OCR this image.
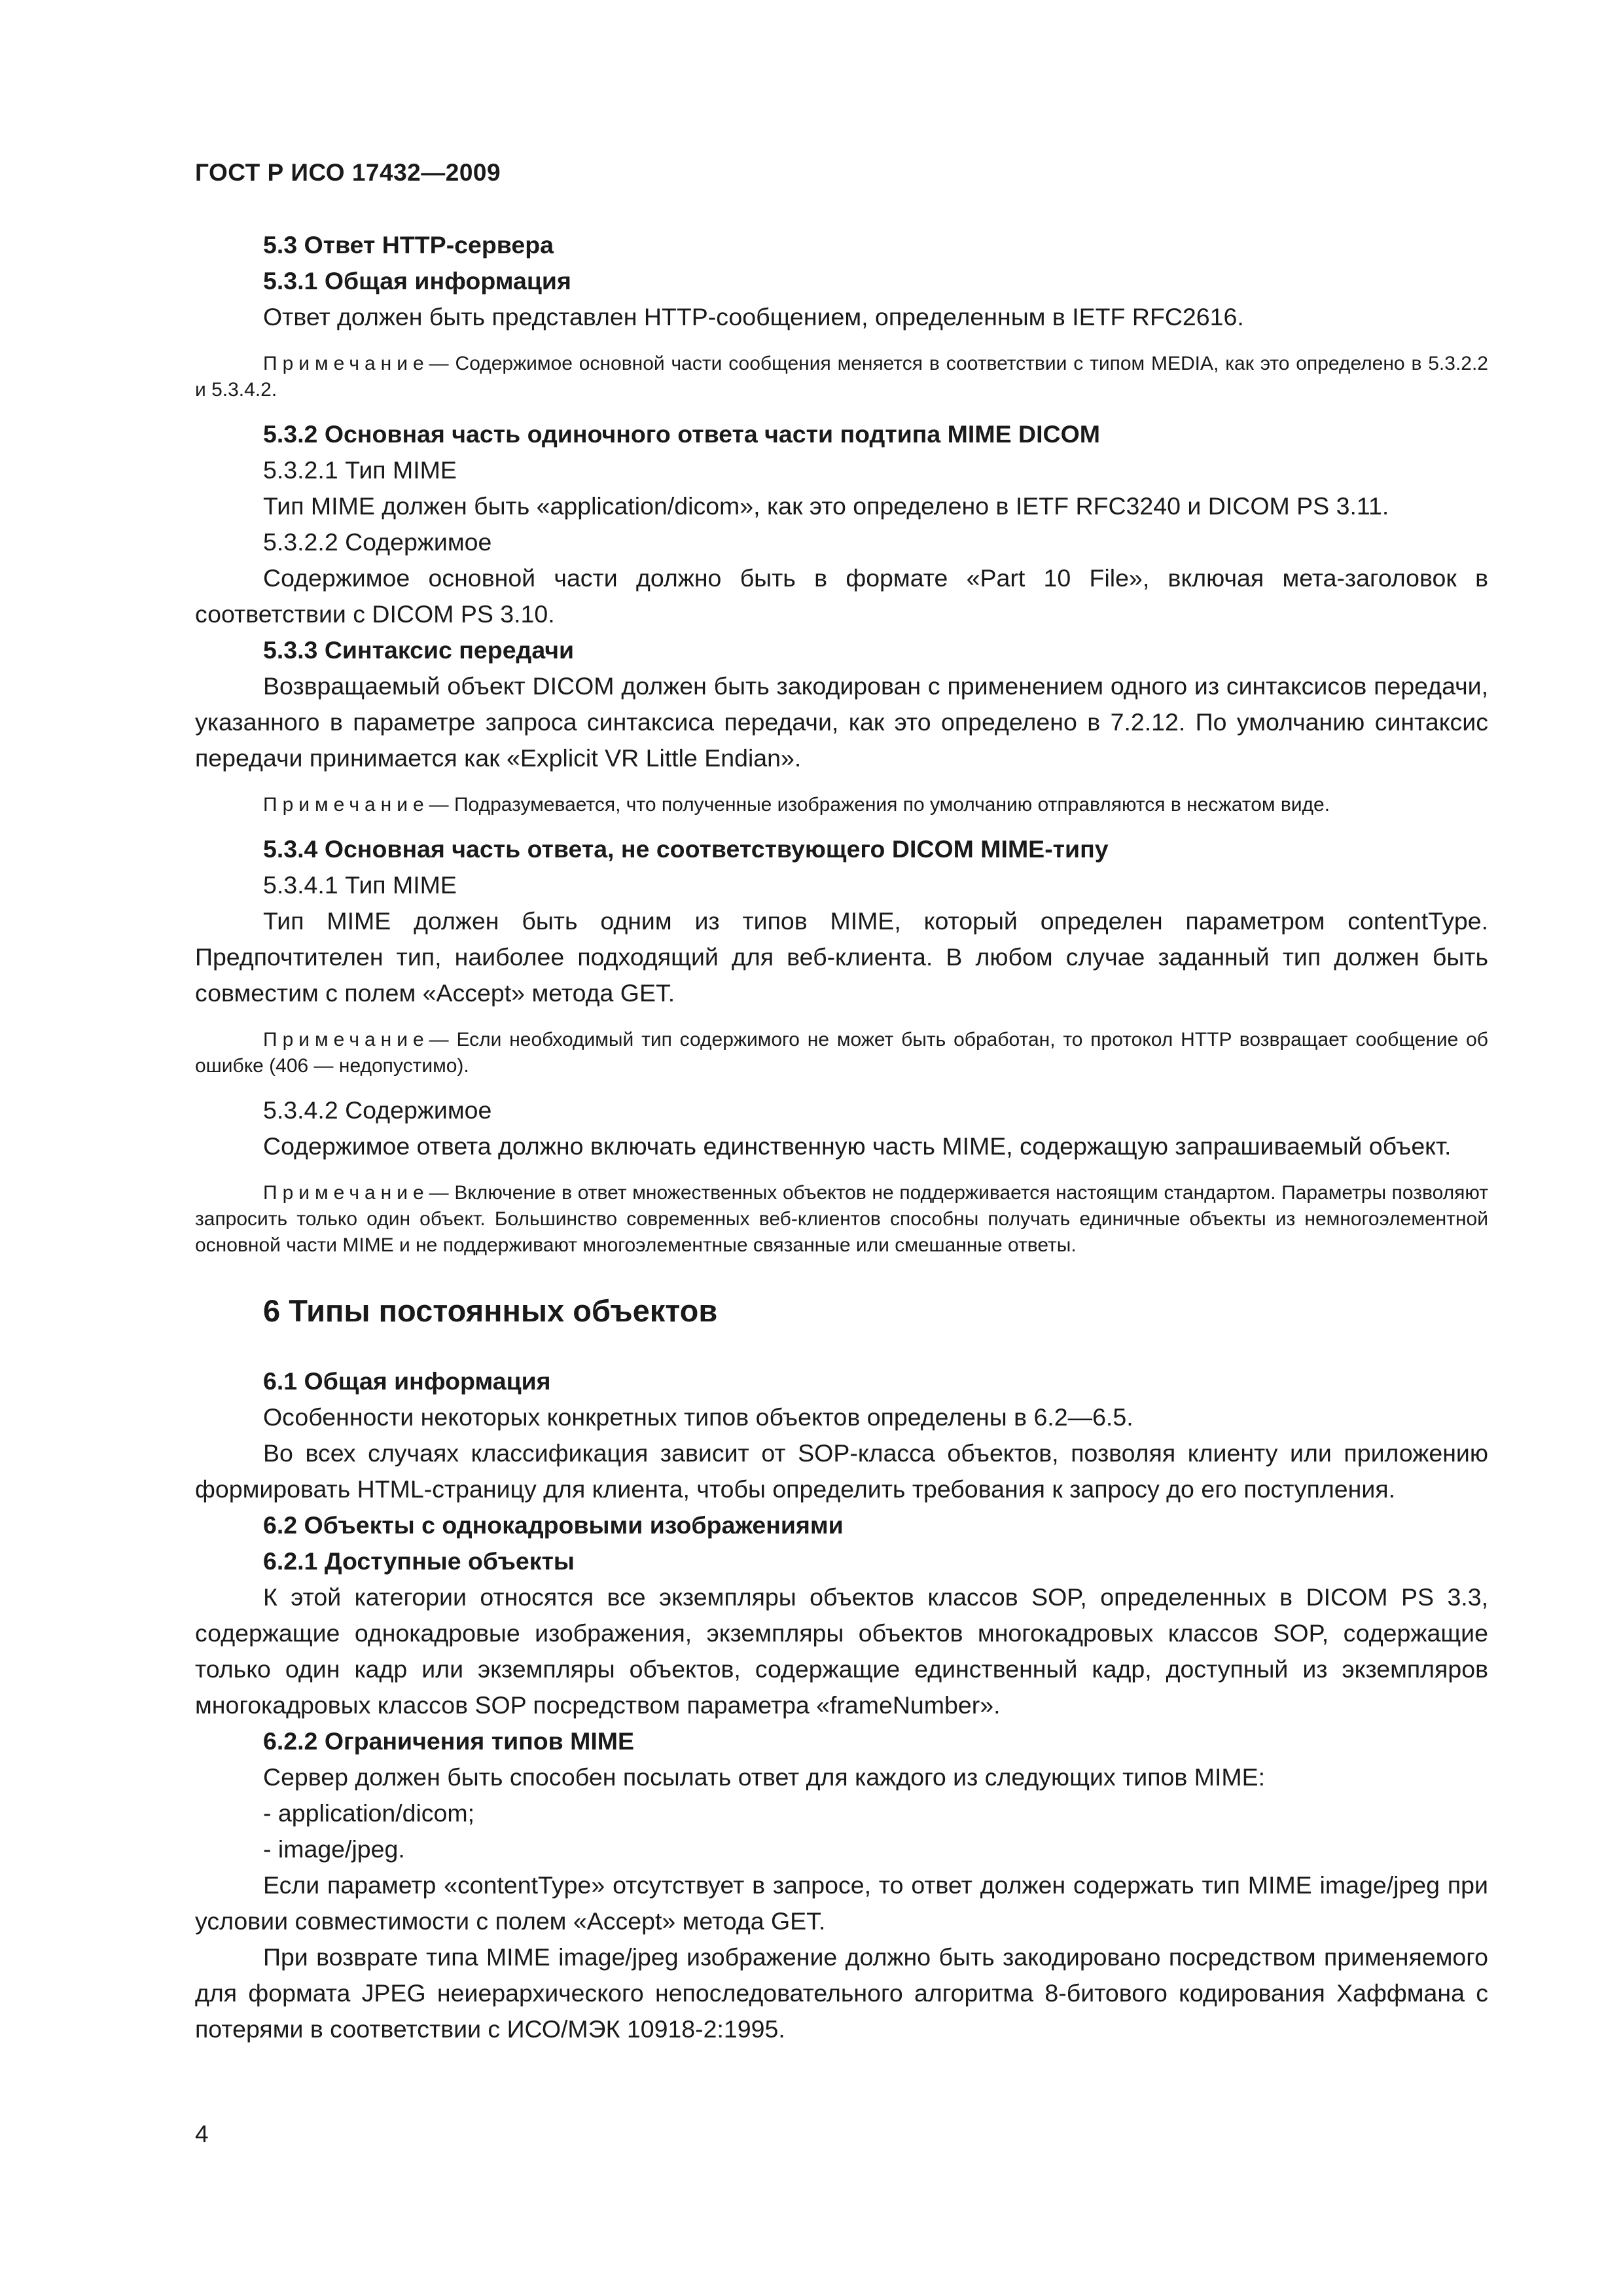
ГОСТ Р ИСО 17432—2009

5.3 Ответ HTTP-сервера

5.3.1 Общая информация

Ответ должен быть представлен HTTP-сообщением, определенным в IETF RFC2616.

Примечание— Содержимое основной части сообщения меняется в соответствии с типом MEDIA, как это определено в 5.3.2.2 и 5.3.4.2.

5.3.2 Основная часть одиночного ответа части подтипа MIME DICOM

5.3.2.1 Тип MIME

Тип MIME должен быть «application/dicom», как это определено в IETF RFC3240 и DICOM PS 3.11.

5.3.2.2 Содержимое

Содержимое основной части должно быть в формате «Part 10 File», включая мета-заголовок в соответствии с DICOM PS 3.10.

5.3.3 Синтаксис передачи

Возвращаемый объект DICOM должен быть закодирован с применением одного из синтаксисов передачи, указанного в параметре запроса синтаксиса передачи, как это определено в 7.2.12. По умолчанию синтаксис передачи принимается как «Explicit VR Little Endian».

Примечание— Подразумевается, что полученные изображения по умолчанию отправляются в несжатом виде.

5.3.4 Основная часть ответа, не соответствующего DICOM MIME-типу

5.3.4.1 Тип MIME

Тип MIME должен быть одним из типов MIME, который определен параметром contentType. Предпочтителен тип, наиболее подходящий для веб-клиента. В любом случае заданный тип должен быть совместим с полем «Accept» метода GET.

Примечание— Если необходимый тип содержимого не может быть обработан, то протокол HTTP возвращает сообщение об ошибке (406 — недопустимо).

5.3.4.2 Содержимое

Содержимое ответа должно включать единственную часть MIME, содержащую запрашиваемый объект.

Примечание— Включение в ответ множественных объектов не поддерживается настоящим стандартом. Параметры позволяют запросить только один объект. Большинство современных веб-клиентов способны получать единичные объекты из немногоэлементной основной части MIME и не поддерживают многоэлементные связанные или смешанные ответы.

6 Типы постоянных объектов

6.1 Общая информация

Особенности некоторых конкретных типов объектов определены в 6.2—6.5.

Во всех случаях классификация зависит от SOP-класса объектов, позволяя клиенту или приложению формировать HTML-страницу для клиента, чтобы определить требования к запросу до его поступления.

6.2 Объекты с однокадровыми изображениями

6.2.1 Доступные объекты

К этой категории относятся все экземпляры объектов классов SOP, определенных в DICOM PS 3.3, содержащие однокадровые изображения, экземпляры объектов многокадровых классов SOP, содержащие только один кадр или экземпляры объектов, содержащие единственный кадр, доступный из экземпляров многокадровых классов SOP посредством параметра «frameNumber».

6.2.2 Ограничения типов MIME

Сервер должен быть способен посылать ответ для каждого из следующих типов MIME:

- application/dicom;

- image/jpeg.

Если параметр «contentType» отсутствует в запросе, то ответ должен содержать тип MIME image/jpeg при условии совместимости с полем «Accept» метода GET.

При возврате типа MIME image/jpeg изображение должно быть закодировано посредством применяемого для формата JPEG неиерархического непоследовательного алгоритма 8-битового кодирования Хаффмана с потерями в соответствии с ИСО/МЭК 10918-2:1995.

4
